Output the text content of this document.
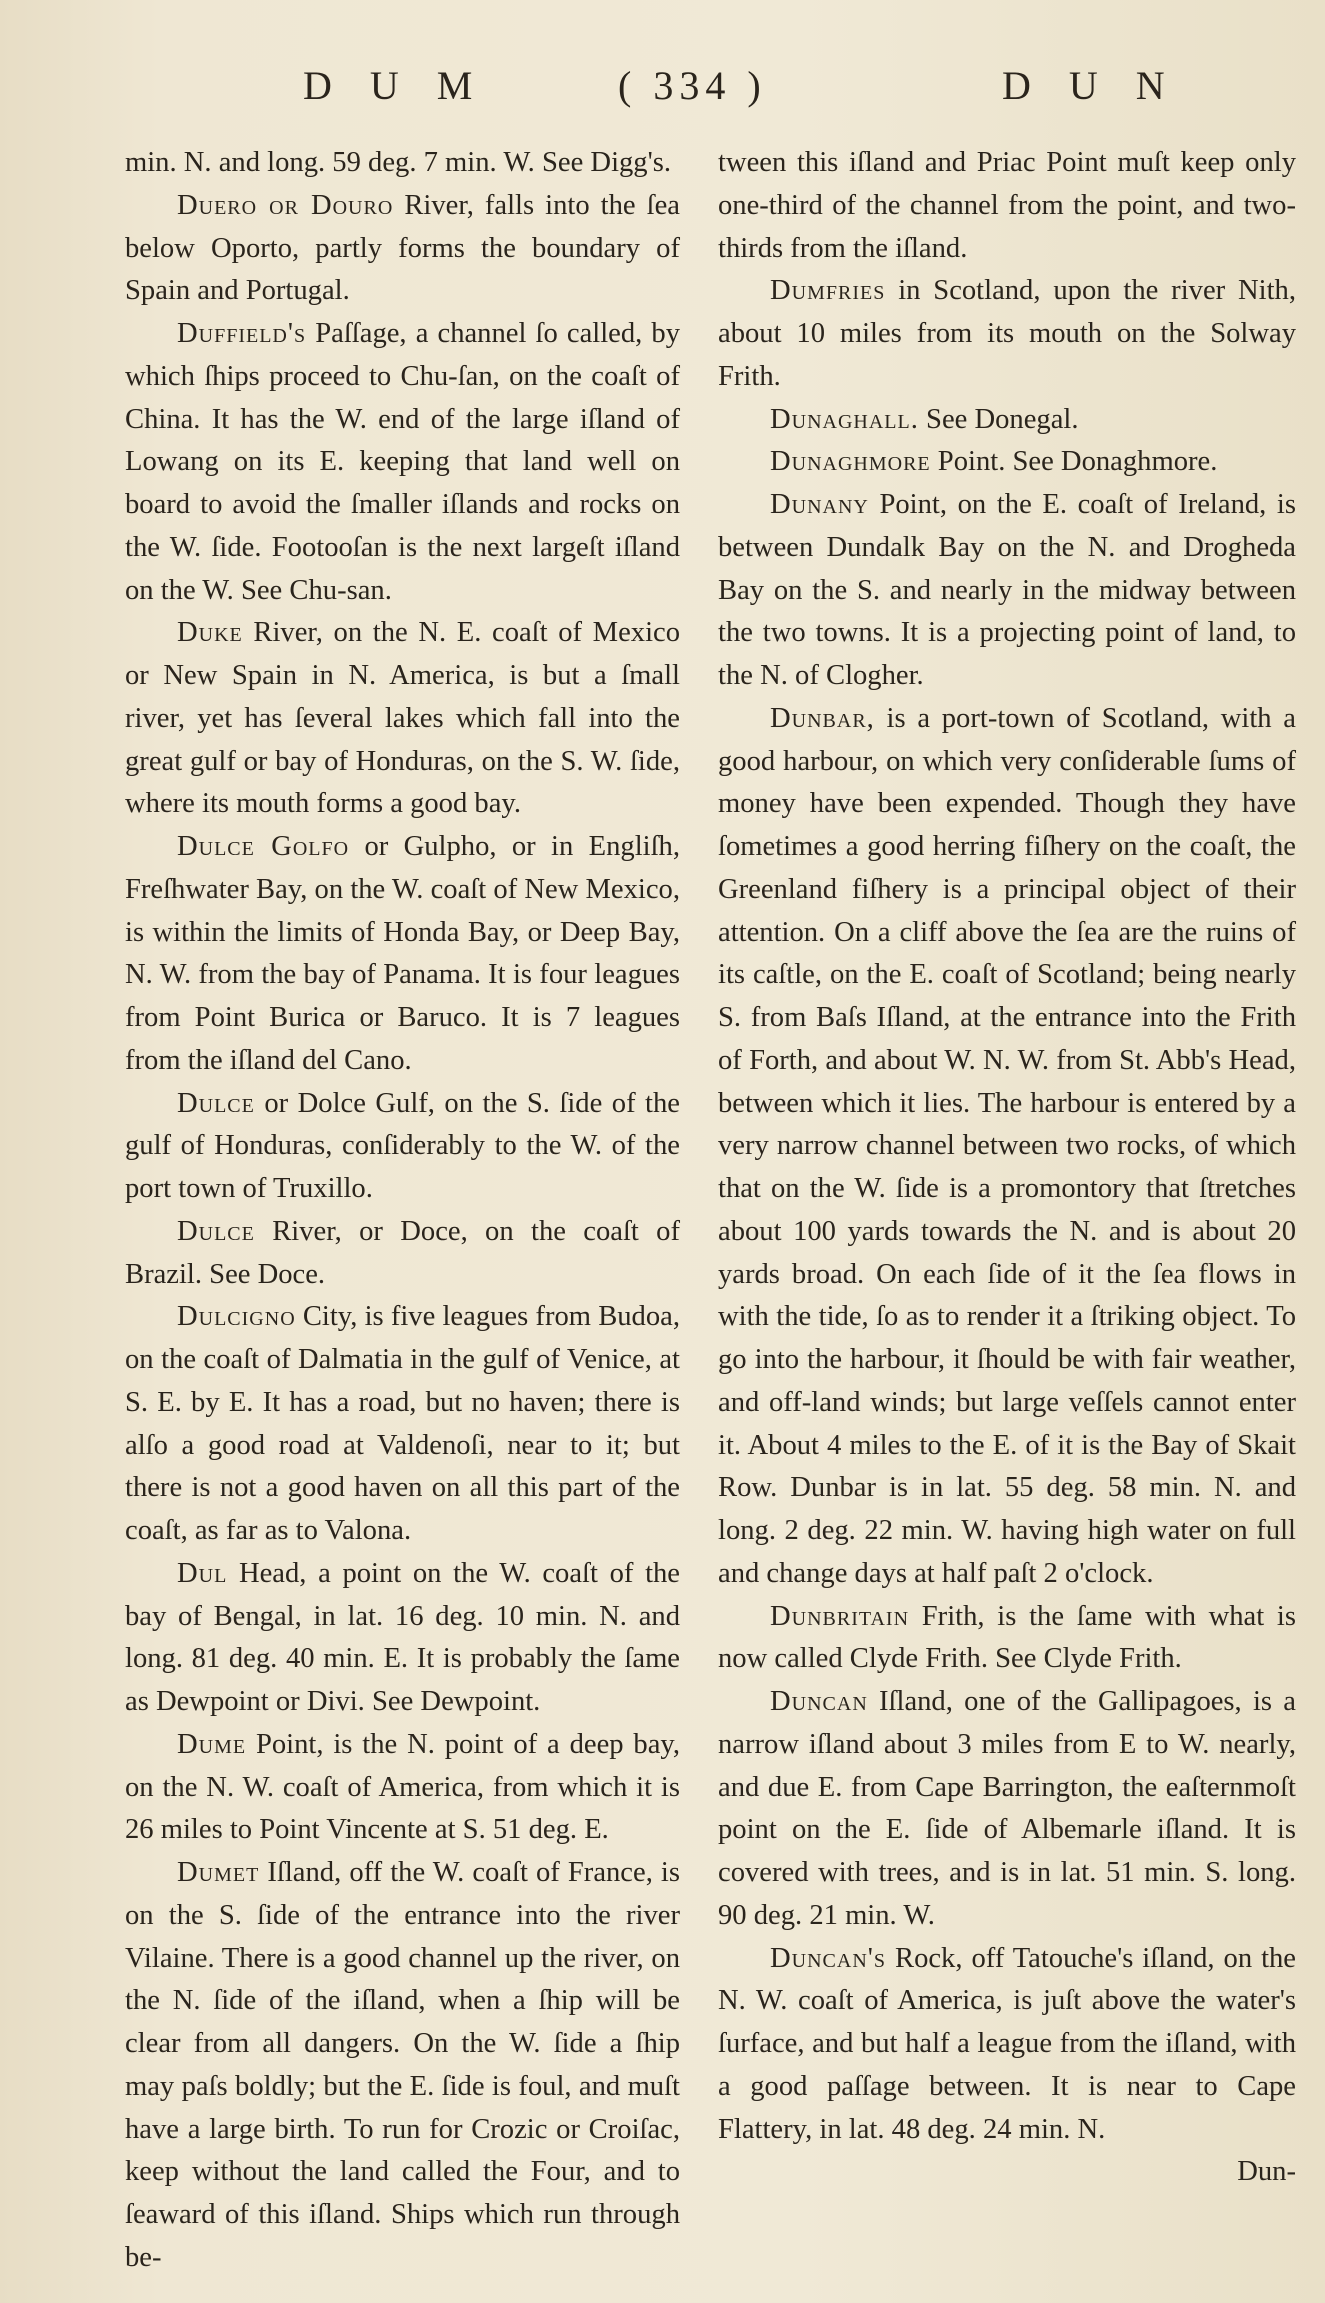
D U M	( 334 )	D U N

min. N. and long. 59 deg. 7 min. W. See Digg's.

Duero or Douro River, falls into the ſea below Oporto, partly forms the boundary of Spain and Portugal.

Duffield's Paſſage, a channel ſo called, by which ſhips proceed to Chu-ſan, on the coaſt of China. It has the W. end of the large iſland of Lowang on its E. keeping that land well on board to avoid the ſmaller iſlands and rocks on the W. ſide. Footooſan is the next largeſt iſland on the W. See Chu-san.

Duke River, on the N. E. coaſt of Mexico or New Spain in N. America, is but a ſmall river, yet has ſeveral lakes which fall into the great gulf or bay of Honduras, on the S. W. ſide, where its mouth forms a good bay.

Dulce Golfo or Gulpho, or in Engliſh, Freſhwater Bay, on the W. coaſt of New Mexico, is within the limits of Honda Bay, or Deep Bay, N. W. from the bay of Panama. It is four leagues from Point Burica or Baruco. It is 7 leagues from the iſland del Cano.

Dulce or Dolce Gulf, on the S. ſide of the gulf of Honduras, conſiderably to the W. of the port town of Truxillo.

Dulce River, or Doce, on the coaſt of Brazil. See Doce.

Dulcigno City, is five leagues from Budoa, on the coaſt of Dalmatia in the gulf of Venice, at S. E. by E. It has a road, but no haven; there is alſo a good road at Valdenoſi, near to it; but there is not a good haven on all this part of the coaſt, as far as to Valona.

Dul Head, a point on the W. coaſt of the bay of Bengal, in lat. 16 deg. 10 min. N. and long. 81 deg. 40 min. E. It is probably the ſame as Dewpoint or Divi. See Dewpoint.

Dume Point, is the N. point of a deep bay, on the N. W. coaſt of America, from which it is 26 miles to Point Vincente at S. 51 deg. E.

Dumet Iſland, off the W. coaſt of France, is on the S. ſide of the entrance into the river Vilaine. There is a good channel up the river, on the N. ſide of the iſland, when a ſhip will be clear from all dangers. On the W. ſide a ſhip may paſs boldly; but the E. ſide is foul, and muſt have a large birth. To run for Crozic or Croiſac, keep without the land called the Four, and to ſeaward of this iſland. Ships which run through be-

tween this iſland and Priac Point muſt keep only one-third of the channel from the point, and two-thirds from the iſland.

Dumfries in Scotland, upon the river Nith, about 10 miles from its mouth on the Solway Frith.

Dunaghall. See Donegal.

Dunaghmore Point. See Donaghmore.

Dunany Point, on the E. coaſt of Ireland, is between Dundalk Bay on the N. and Drogheda Bay on the S. and nearly in the midway between the two towns. It is a projecting point of land, to the N. of Clogher.

Dunbar, is a port-town of Scotland, with a good harbour, on which very conſiderable ſums of money have been expended. Though they have ſometimes a good herring fiſhery on the coaſt, the Greenland fiſhery is a principal object of their attention. On a cliff above the ſea are the ruins of its caſtle, on the E. coaſt of Scotland; being nearly S. from Baſs Iſland, at the entrance into the Frith of Forth, and about W. N. W. from St. Abb's Head, between which it lies. The harbour is entered by a very narrow channel between two rocks, of which that on the W. ſide is a promontory that ſtretches about 100 yards towards the N. and is about 20 yards broad. On each ſide of it the ſea flows in with the tide, ſo as to render it a ſtriking object. To go into the harbour, it ſhould be with fair weather, and off-land winds; but large veſſels cannot enter it. About 4 miles to the E. of it is the Bay of Skait Row. Dunbar is in lat. 55 deg. 58 min. N. and long. 2 deg. 22 min. W. having high water on full and change days at half paſt 2 o'clock.

Dunbritain Frith, is the ſame with what is now called Clyde Frith. See Clyde Frith.

Duncan Iſland, one of the Gallipagoes, is a narrow iſland about 3 miles from E to W. nearly, and due E. from Cape Barrington, the eaſternmoſt point on the E. ſide of Albemarle iſland. It is covered with trees, and is in lat. 51 min. S. long. 90 deg. 21 min. W.

Duncan's Rock, off Tatouche's iſland, on the N. W. coaſt of America, is juſt above the water's ſurface, and but half a league from the iſland, with a good paſſage between. It is near to Cape Flattery, in lat. 48 deg. 24 min. N.

Dun-
